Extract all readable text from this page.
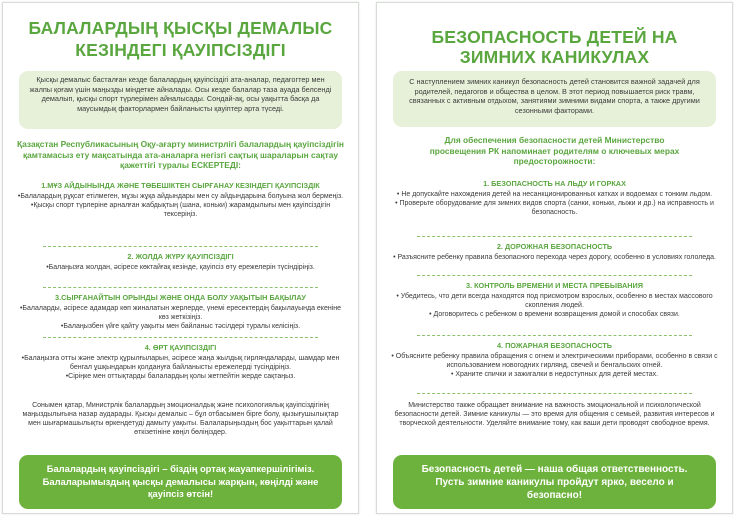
БАЛАЛАРДЫҢ ҚЫСҚЫ ДЕМАЛЫС КЕЗІНДЕГІ ҚАУІПСІЗДІГІ
Қысқы демалыс басталған кезде балалардың қауіпсіздігі ата-аналар, педагогтер мен жалпы қоғам үшін маңызды міндетке айналады. Осы кезде балалар таза ауада белсенді демалып, қысқы спорт түрлерімен айналысады. Сондай-ақ, осы уақытта басқа да маусымдық факторлармен байланысты қауіптер арта түседі.
Қазақстан Республикасының Оқу-ағарту министрлігі балалардың қауіпсіздігін қамтамасыз ету мақсатында ата-аналарға негізгі сақтық шараларын сақтау қажеттігі туралы ЕСКЕРТЕДІ:
1.МҰЗ АЙДЫНЫНДА ЖӘНЕ ТӨБЕШІКТЕН СЫРҒАНАУ КЕЗІНДЕГІ ҚАУІПСІЗДІК
•Балалардың рұқсат етілмеген, мұзы жұқа айдындары мен су айдындарына болуына жол бермеңіз.
•Қысқы спорт түрлеріне арналған жабдықтың (шана, коньки) жарамдылығы мен қауіпсіздігін тексеріңіз.
2. ЖОЛДА ЖҮРУ ҚАУІПСІЗДІГІ
•Балаңызға жолдан, әсіресе көктайғақ кезінде, қауіпсіз өту ережелерін түсіндіріңіз.
3.СЫРҒАНАЙТЫН ОРЫНДЫ ЖӘНЕ ОНДА БОЛУ УАҚЫТЫН БАҚЫЛАУ
•Балаларды, әсіресе адамдар көп жиналатын жерлерде, үнемі ересектердің бақылауында екеніне көз жеткізіңіз.
•Балаңызбен үйге қайту уақыты мен байланыс тәсілдері туралы келісіңіз.
4. ӨРТ ҚАУІПСІЗДІГІ
•Балаңызға отты және электр құрылғыларын, әсіресе жаңа жылдық гирляндаларды, шамдар мен бенгал ұшқындарын қолдануға байланысты ережелерді түсіндіріңіз.
•Сіріңке мен оттықтарды балалардың қолы жетпейтін жерде сақтаңыз.
Сонымен қатар, Министрлік балалардың эмоционалдық және психологиялық қауіпсіздігінің маңыздылығына назар аударады. Қысқы демалыс – бұл отбасымен бірге болу, қызығушылықтар мен шығармашылықты өркендетуді дамыту уақыты. Балаларыңыздың бос уақыттарын қалай өткізетініне көңіл бөліңіздер.
Балалардың қауіпсіздігі – біздің ортақ жауапкершілігіміз. Балаларымыздың қысқы демалысы жарқын, көңілді және қауіпсіз өтсін!
БЕЗОПАСНОСТЬ ДЕТЕЙ НА ЗИМНИХ КАНИКУЛАХ
С наступлением зимних каникул безопасность детей становится важной задачей для родителей, педагогов и общества в целом. В этот период повышается риск травм, связанных с активным отдыхом, занятиями зимними видами спорта, а также другими сезонными факторами.
Для обеспечения безопасности детей Министерство просвещения РК напоминает родителям о ключевых мерах предосторожности:
1. БЕЗОПАСНОСТЬ НА ЛЬДУ И ГОРКАХ
• Не допускайте нахождения детей на несанкционированных катках и водоемах с тонким льдом.
• Проверьте оборудование для зимних видов спорта (санки, коньки, лыжи и др.) на исправность и безопасность.
2. ДОРОЖНАЯ БЕЗОПАСНОСТЬ
• Разъясните ребенку правила безопасного перехода через дорогу, особенно в условиях гололеда.
3. КОНТРОЛЬ ВРЕМЕНИ И МЕСТА ПРЕБЫВАНИЯ
• Убедитесь, что дети всегда находятся под присмотром взрослых, особенно в местах массового скопления людей.
• Договоритесь с ребенком о времени возвращения домой и способах связи.
4. ПОЖАРНАЯ БЕЗОПАСНОСТЬ
• Объясните ребенку правила обращения с огнем и электрическими приборами, особенно в связи с использованием новогодних гирлянд, свечей и бенгальских огней.
• Храните спички и зажигалки в недоступных для детей местах.
Министерство также обращает внимание на важность эмоциональной и психологической безопасности детей. Зимние каникулы — это время для общения с семьей, развития интересов и творческой деятельности. Уделяйте внимание тому, как ваши дети проводят свободное время.
Безопасность детей — наша общая ответственность. Пусть зимние каникулы пройдут ярко, весело и безопасно!
